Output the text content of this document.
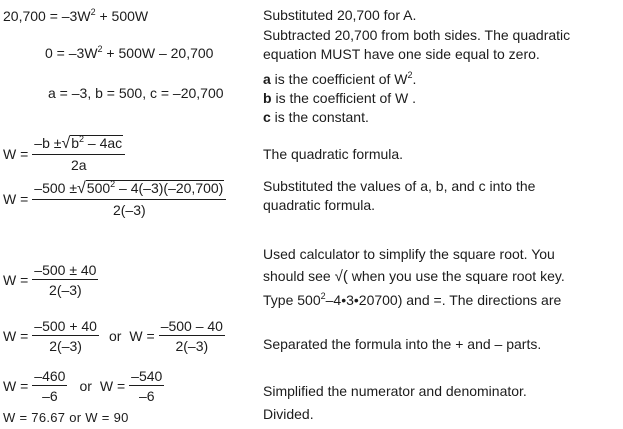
$20,700 = -3W^2 + 500W$
$0 = -3W^2 + 500W - 20,700$
a = –3, b = 500, c = –20,700
$W = \frac{-b \pm√b^2 - 4ac}{2a}$
$W = \frac{-500 \pm√500^2 - 4(-3)(-20,700)}{2(-3)}$
$W = \frac{-500 \pm 40}{2(-3)}$
$W = \frac{-500 + 40}{2(-3)}$ or $W = \frac{-500 - 40}{2(-3)}$
$W = \frac{-460}{-6}$ or $W = \frac{-540}{-6}$
W = 76.67 or W = 90
Substituted 20,700 for A.
Subtracted 20,700 from both sides. The quadratic
equation MUST have one side equal to zero.
a is the coefficient of $W^2$.
b is the coefficient of W .
c is the constant.
The quadratic formula.
Substituted the values of a, b, and c into the
quadratic formula.
Used calculator to simplify the square root. You
should see √( when you use the square root key.
Type $500^2-4•3•20700$) and =. The directions are
Separated the formula into the + and – parts.
Simplified the numerator and denominator.
Divided.
